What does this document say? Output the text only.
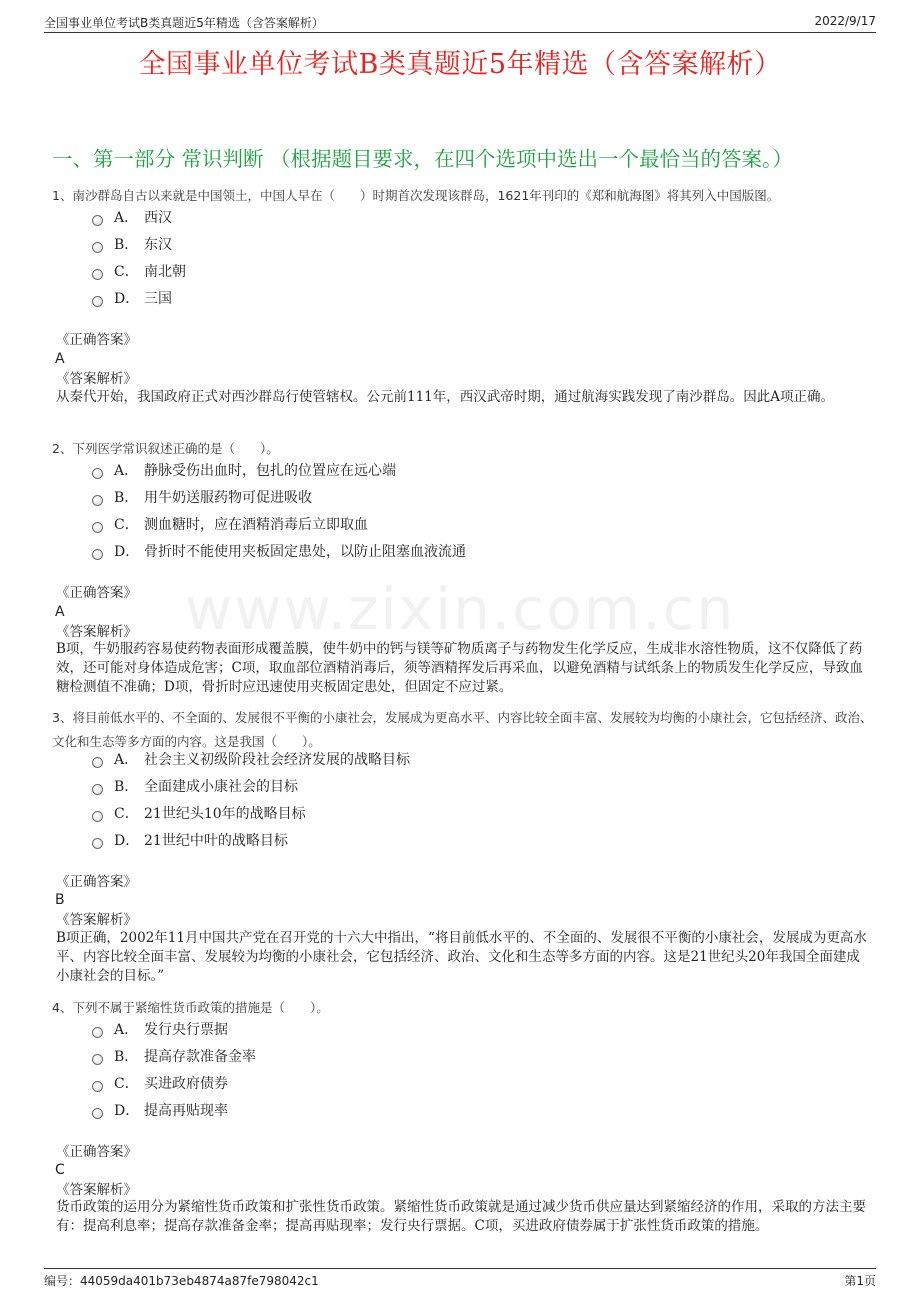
全国事业单位考试B类真题近5年精选（含答案解析）	2022/9/17
www.zixin.com.cn
全国事业单位考试B类真题近5年精选（含答案解析）
一、第一部分 常识判断 （根据题目要求，在四个选项中选出一个最恰当的答案。）
1、南沙群岛自古以来就是中国领土，中国人早在（　　）时期首次发现该群岛，1621年刊印的《郑和航海图》将其列入中国版图。
A． 西汉
B． 东汉
C． 南北朝
D． 三国
《正确答案》
A
《答案解析》
从秦代开始，我国政府正式对西沙群岛行使管辖权。公元前111年，西汉武帝时期，通过航海实践发现了南沙群岛。因此A项正确。
2、下列医学常识叙述正确的是（　　）。
A． 静脉受伤出血时，包扎的位置应在远心端
B． 用牛奶送服药物可促进吸收
C． 测血糖时，应在酒精消毒后立即取血
D． 骨折时不能使用夹板固定患处，以防止阻塞血液流通
《正确答案》
A
《答案解析》
B项，牛奶服药容易使药物表面形成覆盖膜，使牛奶中的钙与镁等矿物质离子与药物发生化学反应，生成非水溶性物质，这不仅降低了药效，还可能对身体造成危害；C项，取血部位酒精消毒后，须等酒精挥发后再采血，以避免酒精与试纸条上的物质发生化学反应，导致血糖检测值不准确；D项，骨折时应迅速使用夹板固定患处，但固定不应过紧。
3、将目前低水平的、不全面的、发展很不平衡的小康社会，发展成为更高水平、内容比较全面丰富、发展较为均衡的小康社会，它包括经济、政治、文化和生态等多方面的内容。这是我国（　　）。
A． 社会主义初级阶段社会经济发展的战略目标
B． 全面建成小康社会的目标
C． 21世纪头10年的战略目标
D． 21世纪中叶的战略目标
《正确答案》
B
《答案解析》
B项正确，2002年11月中国共产党在召开党的十六大中指出，“将目前低水平的、不全面的、发展很不平衡的小康社会，发展成为更高水平、内容比较全面丰富、发展较为均衡的小康社会，它包括经济、政治、文化和生态等多方面的内容。这是21世纪头20年我国全面建成小康社会的目标。”
4、下列不属于紧缩性货币政策的措施是（　　）。
A． 发行央行票据
B． 提高存款准备金率
C． 买进政府债券
D． 提高再贴现率
《正确答案》
C
《答案解析》
货币政策的运用分为紧缩性货币政策和扩张性货币政策。紧缩性货币政策就是通过减少货币供应量达到紧缩经济的作用，采取的方法主要有：提高利息率；提高存款准备金率；提高再贴现率；发行央行票据。C项，买进政府债券属于扩张性货币政策的措施。
编号：44059da401b73eb4874a87fe798042c1	第1页
